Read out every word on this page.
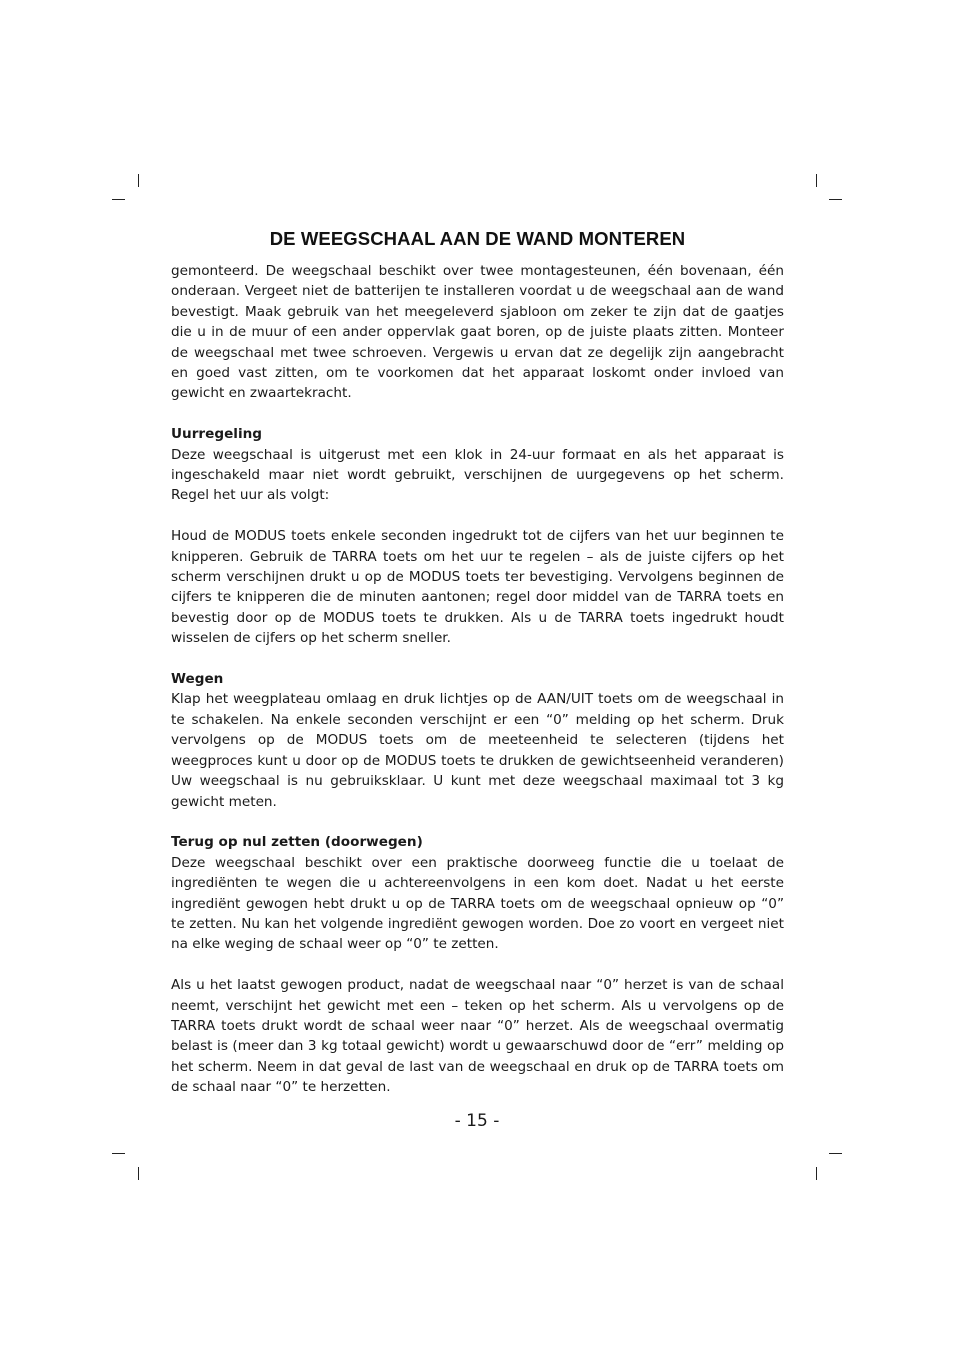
DE WEEGSCHAAL AAN DE WAND MONTEREN

gemonteerd. De weegschaal beschikt over twee montagesteunen, één bovenaan, één onderaan. Vergeet niet de batterijen te installeren voordat u de weegschaal aan de wand bevestigt. Maak gebruik van het meegeleverd sjabloon om zeker te zijn dat de gaatjes die u in de muur of een ander oppervlak gaat boren, op de juiste plaats zitten. Monteer de weegschaal met twee schroeven. Vergewis u ervan dat ze degelijk zijn aangebracht en goed vast zitten, om te voorkomen dat het apparaat loskomt onder invloed van gewicht en zwaartekracht.

Uurregeling

Deze weegschaal is uitgerust met een klok in 24-uur formaat en als het apparaat is ingeschakeld maar niet wordt gebruikt, verschijnen de uurgegevens op het scherm. Regel het uur als volgt:

Houd de MODUS toets enkele seconden ingedrukt tot de cijfers van het uur beginnen te knipperen. Gebruik de TARRA toets om het uur te regelen – als de juiste cijfers op het scherm verschijnen drukt u op de MODUS toets ter bevestiging. Vervolgens beginnen de cijfers te knipperen die de minuten aantonen; regel door middel van de TARRA toets en bevestig door op de MODUS toets te drukken. Als u de TARRA toets ingedrukt houdt wisselen de cijfers op het scherm sneller.

Wegen

Klap het weegplateau omlaag en druk lichtjes op de AAN/UIT toets om de weegschaal in te schakelen. Na enkele seconden verschijnt er een “0” melding op het scherm. Druk vervolgens op de MODUS toets om de meeteenheid te selecteren (tijdens het weegproces kunt u door op de MODUS toets te drukken de gewichtseenheid veranderen) Uw weegschaal is nu gebruiksklaar. U kunt met deze weegschaal maximaal tot 3 kg gewicht meten.

Terug op nul zetten (doorwegen)

Deze weegschaal beschikt over een praktische doorweeg functie die u toelaat de ingrediënten te wegen die u achtereenvolgens in een kom doet. Nadat u het eerste ingrediënt gewogen hebt drukt u op de TARRA toets om de weegschaal opnieuw op “0” te zetten. Nu kan het volgende ingrediënt gewogen worden. Doe zo voort en vergeet niet na elke weging de schaal weer op “0” te zetten.

Als u het laatst gewogen product, nadat de weegschaal naar “0” herzet is van de schaal neemt, verschijnt het gewicht met een – teken op het scherm. Als u vervolgens op de TARRA toets drukt wordt de schaal weer naar “0” herzet. Als de weegschaal overmatig belast is (meer dan 3 kg totaal gewicht) wordt u gewaarschuwd door de “err” melding op het scherm. Neem in dat geval de last van de weegschaal en druk op de TARRA toets om de schaal naar “0” te herzetten.

- 15 -
